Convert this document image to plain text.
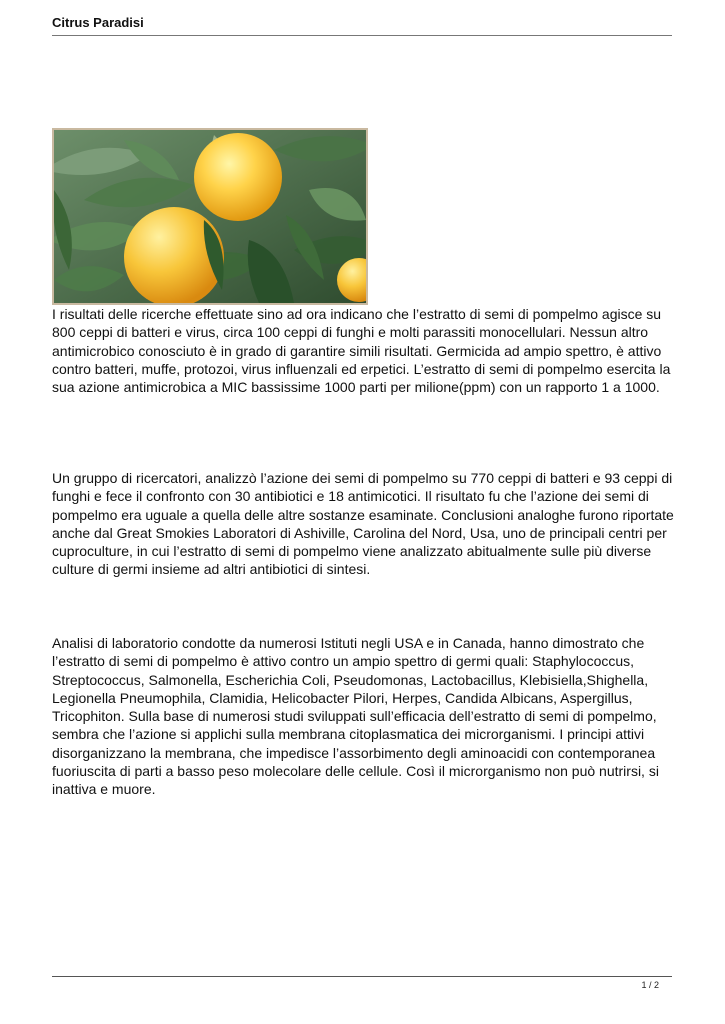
Citrus Paradisi

I risultati delle ricerche effettuate sino ad ora indicano che l’estratto di semi di pompelmo agisce su 800 ceppi di batteri e virus, circa 100 ceppi di funghi e molti parassiti monocellulari. Nessun altro antimicrobico conosciuto è in grado di garantire simili risultati. Germicida ad ampio spettro, è attivo contro batteri, muffe, protozoi, virus influenzali ed erpetici. L’estratto di semi di pompelmo esercita la sua azione antimicrobica a MIC bassissime 1000 parti per milione(ppm) con un rapporto 1 a 1000.

Un gruppo di ricercatori, analizzò l’azione dei semi di pompelmo su 770 ceppi di batteri e 93 ceppi di funghi e fece il confronto con 30 antibiotici e 18 antimicotici. Il risultato fu che l’azione dei semi di pompelmo era uguale a quella delle altre sostanze esaminate. Conclusioni analoghe furono riportate anche dal Great Smokies Laboratori di Ashiville, Carolina del Nord, Usa, uno de principali centri per cuproculture, in cui l’estratto di semi di pompelmo viene analizzato abitualmente sulle più diverse culture di germi insieme ad altri antibiotici di sintesi.

Analisi di laboratorio condotte da numerosi Istituti negli USA e in Canada, hanno dimostrato che l’estratto di semi di pompelmo è attivo contro un ampio spettro di germi quali: Staphylococcus, Streptococcus, Salmonella, Escherichia Coli, Pseudomonas, Lactobacillus, Klebisiella,Shighella, Legionella Pneumophila, Clamidia, Helicobacter Pilori, Herpes, Candida Albicans, Aspergillus, Tricophiton. Sulla base di numerosi studi sviluppati sull’efficacia dell’estratto di semi di pompelmo, sembra che l’azione si applichi sulla membrana citoplasmatica dei microrganismi. I principi attivi disorganizzano la membrana, che impedisce l’assorbimento degli aminoacidi con contemporanea fuoriuscita di parti a basso peso molecolare delle cellule. Così il microrganismo non può nutrirsi, si inattiva e muore.

1 / 2
